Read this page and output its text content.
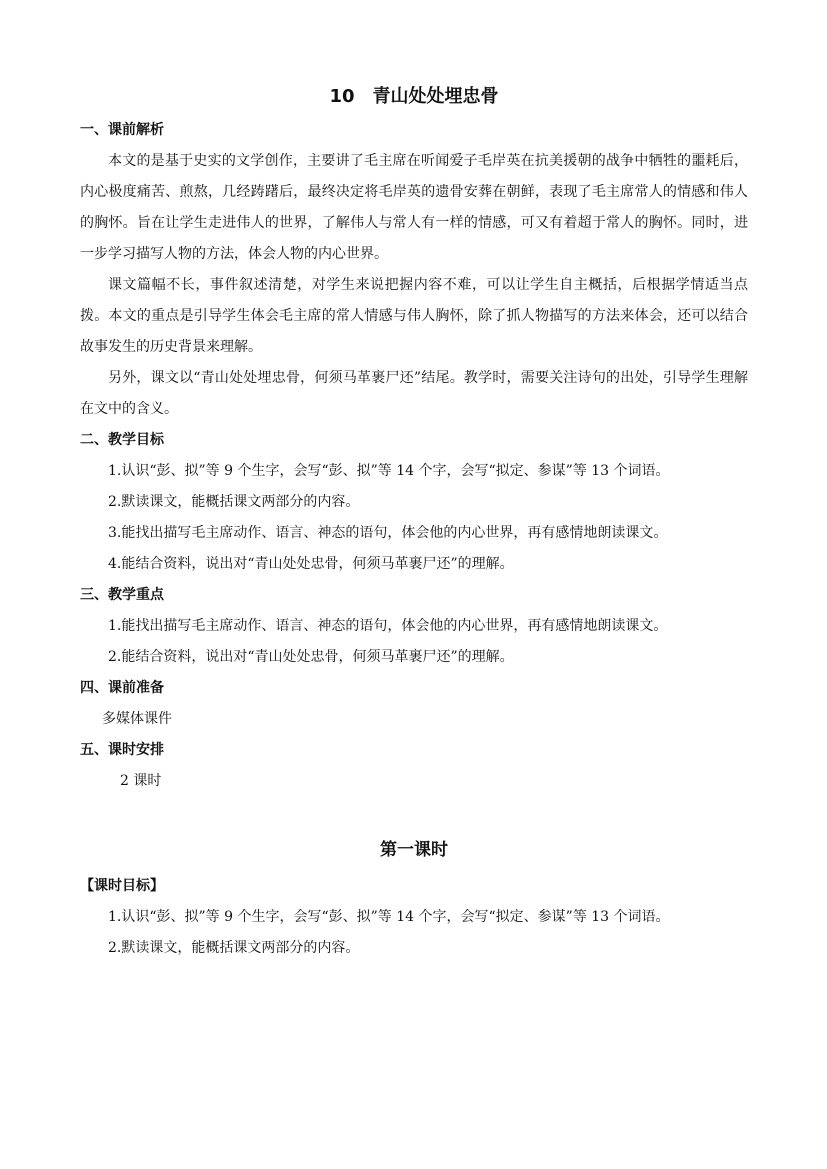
10　青山处处埋忠骨
一、课前解析

本文的是基于史实的文学创作，主要讲了毛主席在听闻爱子毛岸英在抗美援朝的战争中牺牲的噩耗后，内心极度痛苦、煎熬，几经踌躇后，最终决定将毛岸英的遗骨安葬在朝鲜，表现了毛主席常人的情感和伟人的胸怀。旨在让学生走进伟人的世界，了解伟人与常人有一样的情感，可又有着超于常人的胸怀。同时，进一步学习描写人物的方法，体会人物的内心世界。

课文篇幅不长，事件叙述清楚，对学生来说把握内容不难，可以让学生自主概括，后根据学情适当点拨。本文的重点是引导学生体会毛主席的常人情感与伟人胸怀，除了抓人物描写的方法来体会，还可以结合故事发生的历史背景来理解。

另外，课文以“青山处处埋忠骨，何须马革裹尸还”结尾。教学时，需要关注诗句的出处，引导学生理解在文中的含义。

二、教学目标

1.认识“彭、拟”等 9 个生字，会写“彭、拟”等 14 个字，会写“拟定、参谋”等 13 个词语。

2.默读课文，能概括课文两部分的内容。

3.能找出描写毛主席动作、语言、神态的语句，体会他的内心世界，再有感情地朗读课文。

4.能结合资料，说出对“青山处处忠骨，何须马革裹尸还”的理解。

三、教学重点

1.能找出描写毛主席动作、语言、神态的语句，体会他的内心世界，再有感情地朗读课文。

2.能结合资料，说出对“青山处处忠骨，何须马革裹尸还”的理解。

四、课前准备

多媒体课件

五、课时安排

2 课时

第一课时
【课时目标】

1.认识“彭、拟”等 9 个生字，会写“彭、拟”等 14 个字，会写“拟定、参谋”等 13 个词语。

2.默读课文，能概括课文两部分的内容。
